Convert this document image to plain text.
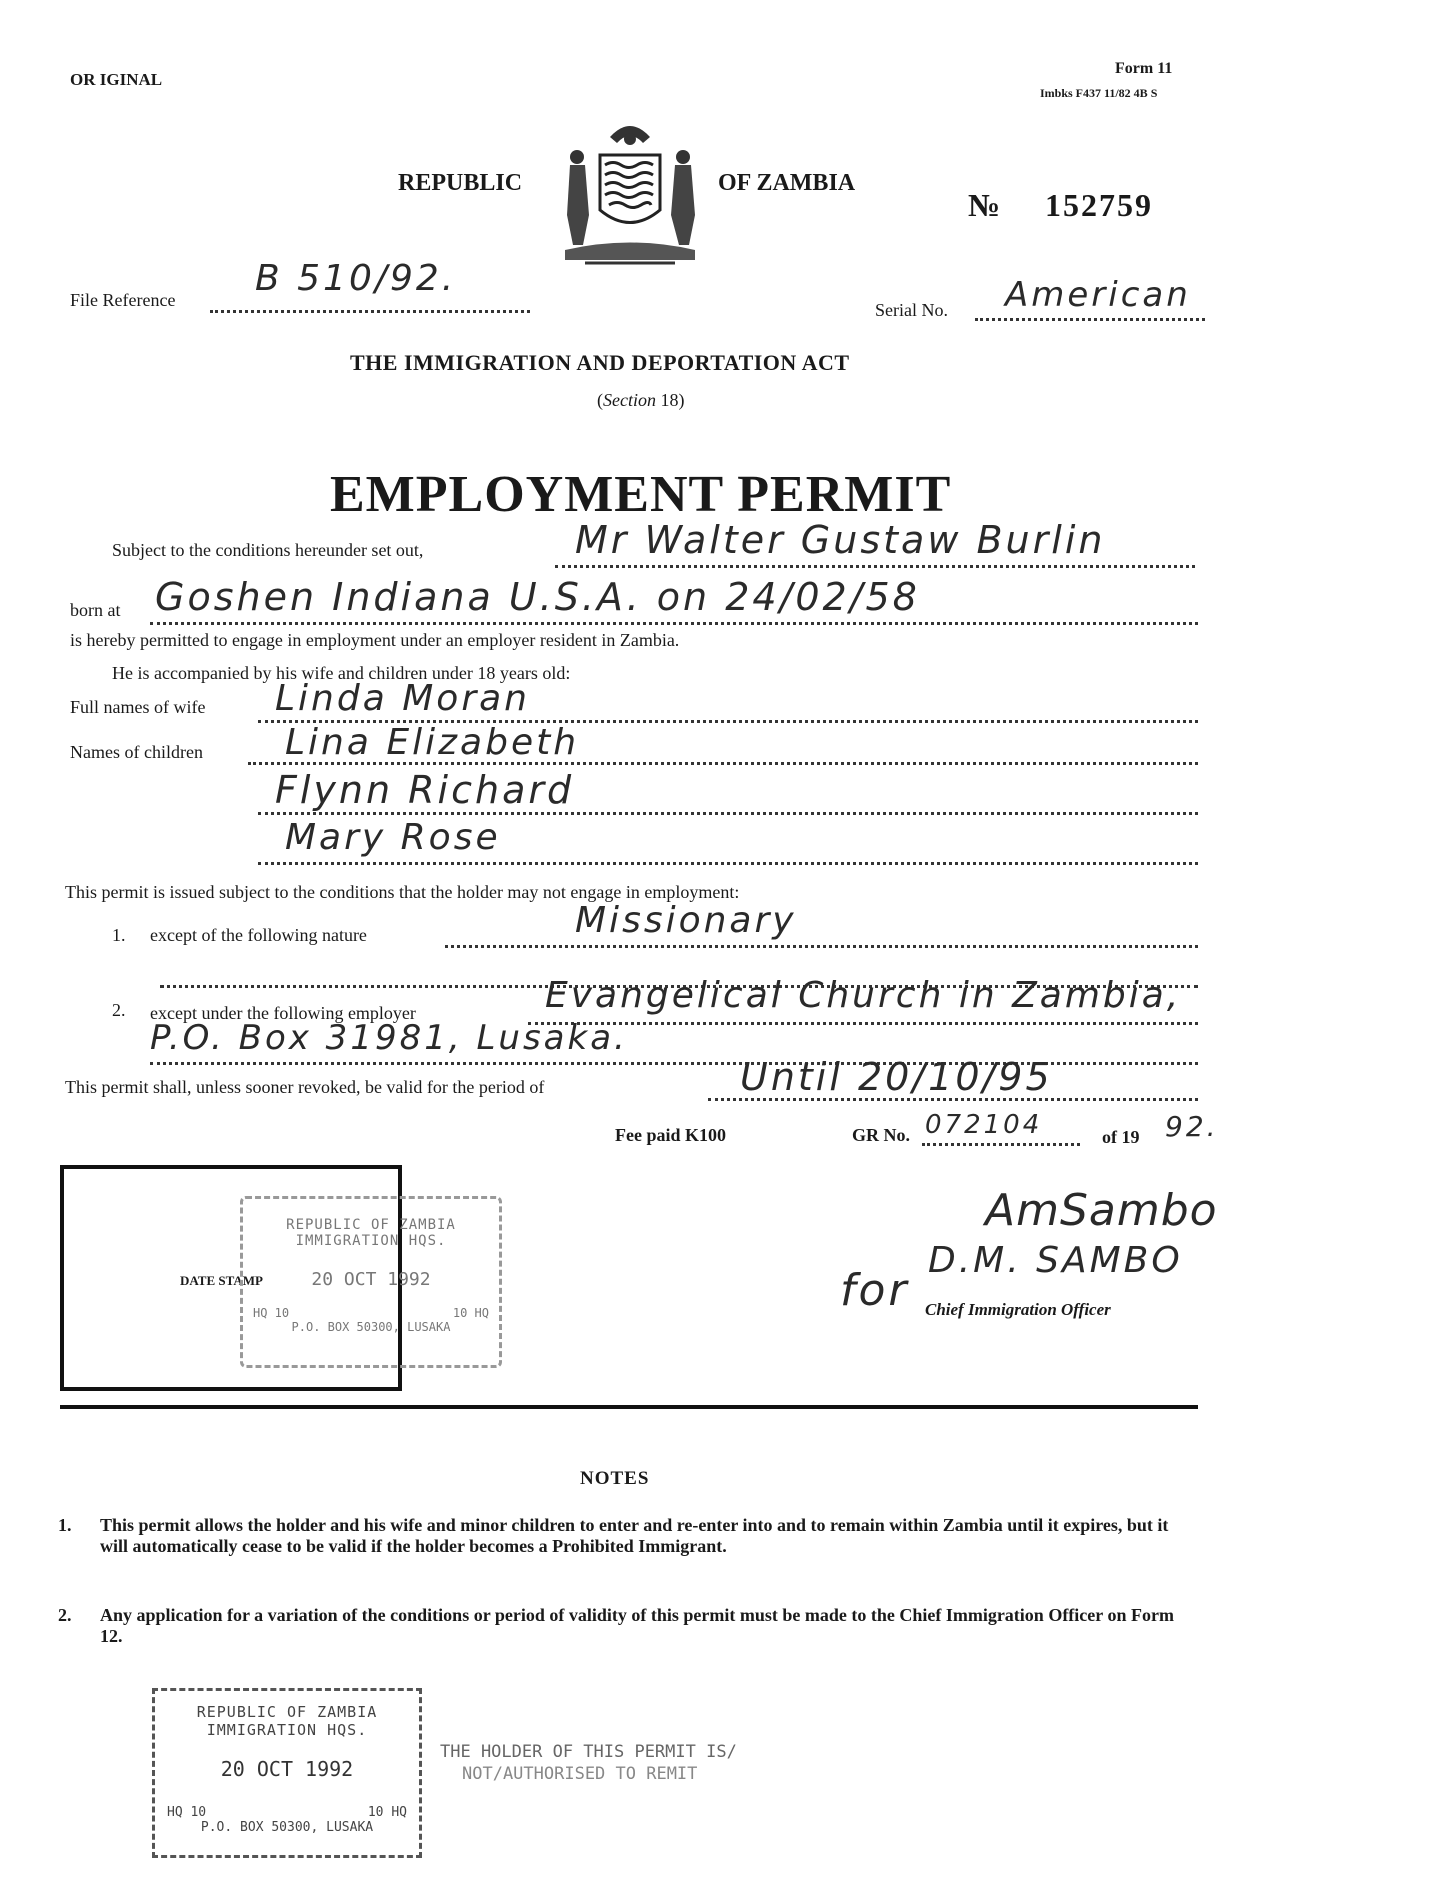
OR IGINAL
Form 11
Imbks F437 11/82 4B S
REPUBLIC	OF ZAMBIA
№ 152759
File Reference
B 510/92.
Serial No. American
THE IMMIGRATION AND DEPORTATION ACT
(Section 18)
EMPLOYMENT PERMIT
Subject to the conditions hereunder set out,	Mr Walter Gustaw Burlin
born at Goshen Indiana U.S.A. on 24/02/58
is hereby permitted to engage in employment under an employer resident in Zambia.
He is accompanied by his wife and children under 18 years old:
Full names of wife Linda Moran
Names of children Lina Elizabeth
Flynn Richard
Mary Rose
This permit is issued subject to the conditions that the holder may not engage in employment:
1. except of the following nature	Missionary
2. except under the following employer	Evangelical Church in Zambia,
P.O. Box 31981, Lusaka.
This permit shall, unless sooner revoked, be valid for the period of	Until 20/10/95
Fee paid K100	GR No. 072104	of 19 92.
DATE STAMP
REPUBLIC OF ZAMBIA
IMMIGRATION HQS.
20 OCT 1992
HQ 10	10 HQ
P.O. BOX 50300, LUSAKA
AmSambo
for
D.M. SAMBO
Chief Immigration Officer
NOTES
1. This permit allows the holder and his wife and minor children to enter and re-enter into and to remain within Zambia until it expires, but it will automatically cease to be valid if the holder becomes a Prohibited Immigrant.
2. Any application for a variation of the conditions or period of validity of this permit must be made to the Chief Immigration Officer on Form 12.
REPUBLIC OF ZAMBIA
IMMIGRATION HQS.
20 OCT 1992
HQ 10	10 HQ
P.O. BOX 50300, LUSAKA
THE HOLDER OF THIS PERMIT IS/
NOT/AUTHORISED TO REMIT
